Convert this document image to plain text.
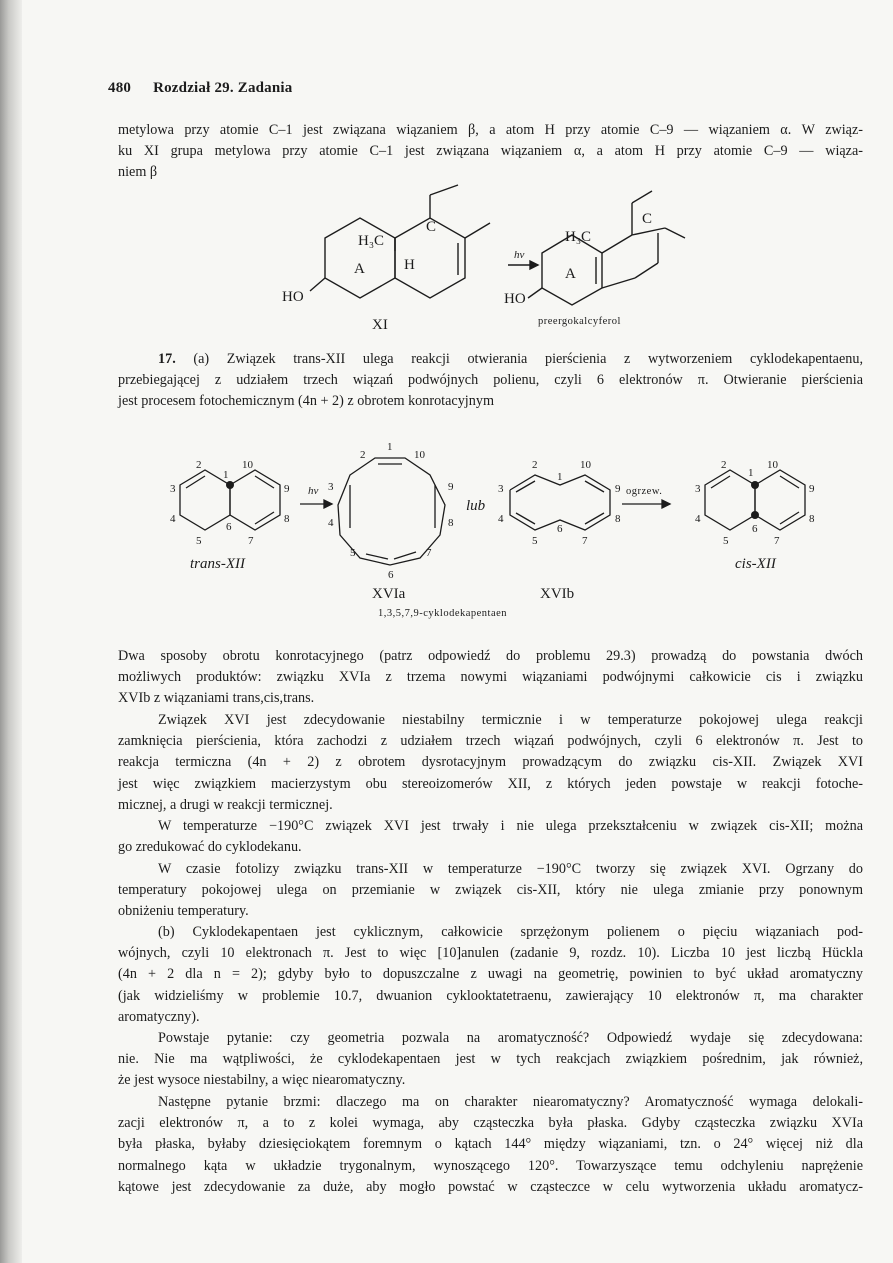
480 Rozdział 29. Zadania

metylowa przy atomie C–1 jest związana wiązaniem β, a atom H przy atomie C–9 — wiązaniem α. W związ-
ku XI grupa metylowa przy atomie C–1 jest związana wiązaniem α, a atom H przy atomie C–9 — wiąza-
niem β

H₃C
C
A	H
HO
XI
hν
H₃C
C
A
HO
preergokalcyferol

17. (a) Związek trans-XII ulega reakcji otwierania pierścienia z wytworzeniem cyklodekapentaenu,
przebiegającej z udziałem trzech wiązań podwójnych polienu, czyli 6 elektronów π. Otwieranie pierścienia
jest procesem fotochemicznym (4n + 2) z obrotem konrotacyjnym

2
1
10
3	9
4	8
6
5	7
trans-XII
hν
1
2	10
3	9
4	8
5	7
6
XVIa
lub
2	10
1
3	9
4	8
6
5	7
XVIb
ogrzew.
2
1
10
3	9
4	8
6
5	7
cis-XII
1,3,5,7,9-cyklodekapentaen

Dwa sposoby obrotu konrotacyjnego (patrz odpowiedź do problemu 29.3) prowadzą do powstania dwóch
możliwych produktów: związku XVIa z trzema nowymi wiązaniami podwójnymi całkowicie cis i związku
XVIb z wiązaniami trans,cis,trans.

Związek XVI jest zdecydowanie niestabilny termicznie i w temperaturze pokojowej ulega reakcji
zamknięcia pierścienia, która zachodzi z udziałem trzech wiązań podwójnych, czyli 6 elektronów π. Jest to
reakcja termiczna (4n + 2) z obrotem dysrotacyjnym prowadzącym do związku cis-XII. Związek XVI
jest więc związkiem macierzystym obu stereoizomerów XII, z których jeden powstaje w reakcji fotoche-
micznej, a drugi w reakcji termicznej.

W temperaturze −190°C związek XVI jest trwały i nie ulega przekształceniu w związek cis-XII; można
go zredukować do cyklodekanu.

W czasie fotolizy związku trans-XII w temperaturze −190°C tworzy się związek XVI. Ogrzany do
temperatury pokojowej ulega on przemianie w związek cis-XII, który nie ulega zmianie przy ponownym
obniżeniu temperatury.

(b) Cyklodekapentaen jest cyklicznym, całkowicie sprzężonym polienem o pięciu wiązaniach pod-
wójnych, czyli 10 elektronach π. Jest to więc [10]anulen (zadanie 9, rozdz. 10). Liczba 10 jest liczbą Hückla
(4n + 2 dla n = 2); gdyby było to dopuszczalne z uwagi na geometrię, powinien to być układ aromatyczny
(jak widzieliśmy w problemie 10.7, dwuanion cyklooktatetraenu, zawierający 10 elektronów π, ma charakter
aromatyczny).

Powstaje pytanie: czy geometria pozwala na aromatyczność? Odpowiedź wydaje się zdecydowana:
nie. Nie ma wątpliwości, że cyklodekapentaen jest w tych reakcjach związkiem pośrednim, jak również,
że jest wysoce niestabilny, a więc niearomatyczny.

Następne pytanie brzmi: dlaczego ma on charakter niearomatyczny? Aromatyczność wymaga delokali-
zacji elektronów π, a to z kolei wymaga, aby cząsteczka była płaska. Gdyby cząsteczka związku XVIa
była płaska, byłaby dziesięciokątem foremnym o kątach 144° między wiązaniami, tzn. o 24° więcej niż dla
normalnego kąta w układzie trygonalnym, wynoszącego 120°. Towarzyszące temu odchyleniu naprężenie
kątowe jest zdecydowanie za duże, aby mogło powstać w cząsteczce w celu wytworzenia układu aromatycz-
